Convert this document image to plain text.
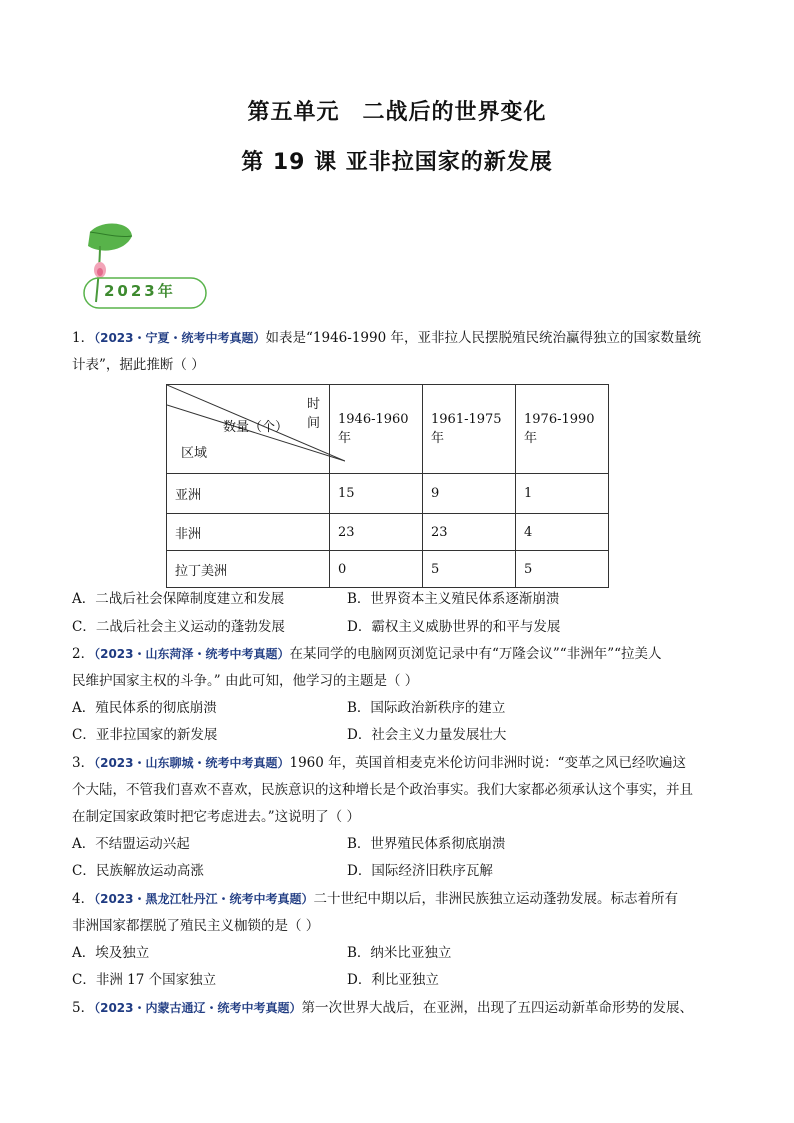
第五单元　二战后的世界变化
第 19 课 亚非拉国家的新发展
2023年
1．（2023・宁夏・统考中考真题）如表是“1946-1990 年，亚非拉人民摆脱殖民统治赢得独立的国家数量统
计表”，据此推断（ ）
时间
数量（个）
区域	1946-1960 年	1961-1975 年	1976-1990 年
亚洲	15	9	1
非洲	23	23	4
拉丁美洲	0	5	5
A．二战后社会保障制度建立和发展	B．世界资本主义殖民体系逐渐崩溃
C．二战后社会主义运动的蓬勃发展	D．霸权主义威胁世界的和平与发展
2．（2023・山东菏泽・统考中考真题）在某同学的电脑网页浏览记录中有“万隆会议”“非洲年”“拉美人
民维护国家主权的斗争。” 由此可知，他学习的主题是（ ）
A．殖民体系的彻底崩溃	B．国际政治新秩序的建立
C．亚非拉国家的新发展	D．社会主义力量发展壮大
3．（2023・山东聊城・统考中考真题）1960 年，英国首相麦克米伦访问非洲时说：“变革之风已经吹遍这
个大陆，不管我们喜欢不喜欢，民族意识的这种增长是个政治事实。我们大家都必须承认这个事实，并且
在制定国家政策时把它考虑进去。”这说明了（ ）
A．不结盟运动兴起	B．世界殖民体系彻底崩溃
C．民族解放运动高涨	D．国际经济旧秩序瓦解
4．（2023・黑龙江牡丹江・统考中考真题）二十世纪中期以后，非洲民族独立运动蓬勃发展。标志着所有
非洲国家都摆脱了殖民主义枷锁的是（ ）
A．埃及独立	B．纳米比亚独立
C．非洲 17 个国家独立	D．利比亚独立
5．（2023・内蒙古通辽・统考中考真题）第一次世界大战后，在亚洲，出现了五四运动新革命形势的发展、
